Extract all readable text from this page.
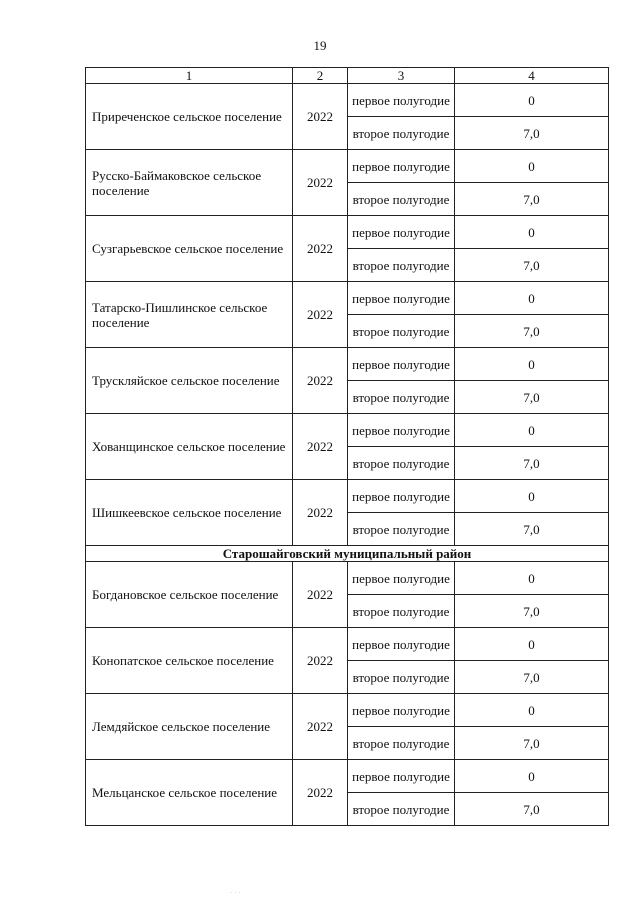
19
1	2	3	4
Приреченское сельское поселение	2022	первое полугодие	0
		второе полугодие	7,0
Русско-Баймаковское сельское поселение	2022	первое полугодие	0
		второе полугодие	7,0
Сузгарьевское сельское поселение	2022	первое полугодие	0
		второе полугодие	7,0
Татарско-Пишлинское сельское поселение	2022	первое полугодие	0
		второе полугодие	7,0
Трускляйское сельское поселение	2022	первое полугодие	0
		второе полугодие	7,0
Хованщинское сельское поселение	2022	первое полугодие	0
		второе полугодие	7,0
Шишкеевское сельское поселение	2022	первое полугодие	0
		второе полугодие	7,0
Старошайговский муниципальный район			
Богдановское сельское поселение	2022	первое полугодие	0
		второе полугодие	7,0
Конопатское сельское поселение	2022	первое полугодие	0
		второе полугодие	7,0
Лемдяйское сельское поселение	2022	первое полугодие	0
		второе полугодие	7,0
Мельцанское сельское поселение	2022	первое полугодие	0
		второе полугодие	7,0
· · ·
